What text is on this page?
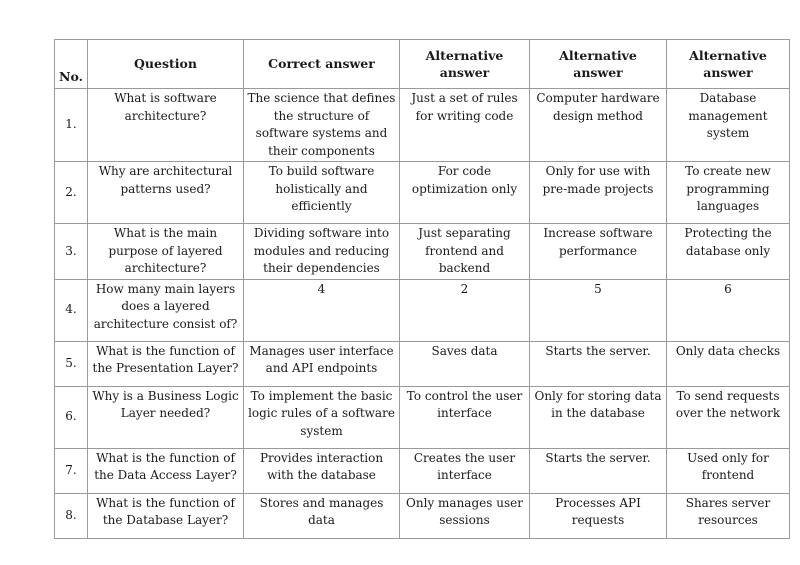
No.	Question	Correct answer	Alternative answer	Alternative answer	Alternative answer
1.	What is software architecture?	The science that defines the structure of software systems and their components	Just a set of rules for writing code	Computer hardware design method	Database management system
2.	Why are architectural patterns used?	To build software holistically and efficiently	For code optimization only	Only for use with pre-made projects	To create new programming languages
3.	What is the main purpose of layered architecture?	Dividing software into modules and reducing their dependencies	Just separating frontend and backend	Increase software performance	Protecting the database only
4.	How many main layers does a layered architecture consist of?	4	2	5	6
5.	What is the function of the Presentation Layer?	Manages user interface and API endpoints	Saves data	Starts the server.	Only data checks
6.	Why is a Business Logic Layer needed?	To implement the basic logic rules of a software system	To control the user interface	Only for storing data in the database	To send requests over the network
7.	What is the function of the Data Access Layer?	Provides interaction with the database	Creates the user interface	Starts the server.	Used only for frontend
8.	What is the function of the Database Layer?	Stores and manages data	Only manages user sessions	Processes API requests	Shares server resources
